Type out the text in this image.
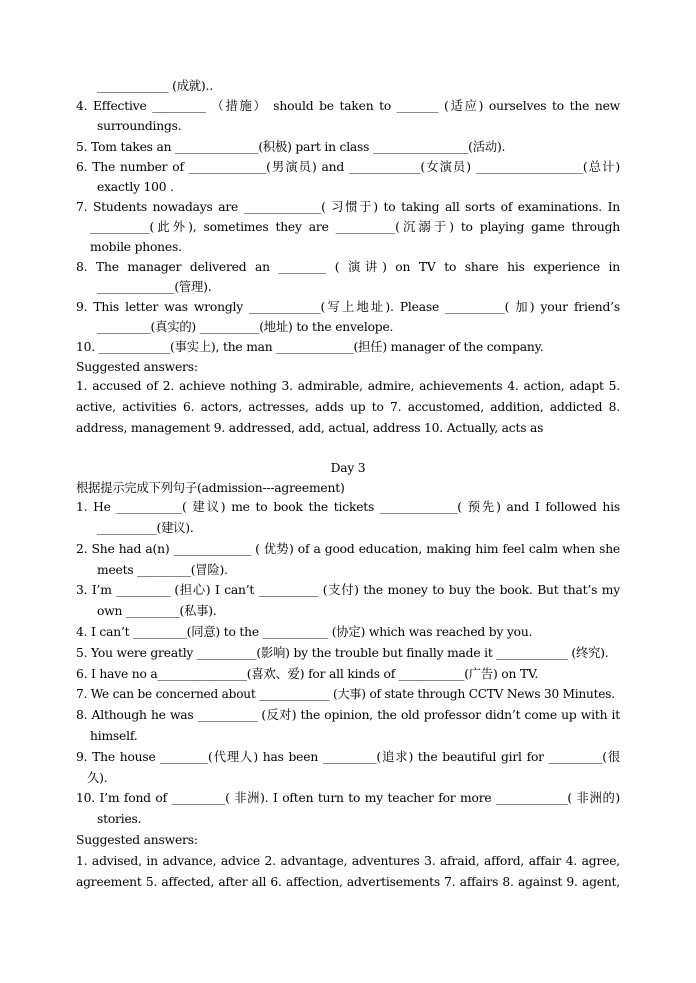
____________ (成就)..
4. Effective _________ （措施） should be taken to _______ (适应) ourselves to the new
surroundings.
5. Tom takes an ______________(积极) part in class ________________(活动).
6. The number of _____________(男演员) and ____________(女演员) __________________(总计)
exactly 100 .
7. Students nowadays are _____________( 习惯于) to taking all sorts of examinations. In
__________(此外), sometimes they are __________(沉溺于) to playing game through
mobile phones.
8. The manager delivered an ________ ( 演讲) on TV to share his experience in
_____________(管理).
9. This letter was wrongly ____________(写上地址). Please __________( 加) your friend’s
_________(真实的) __________(地址) to the envelope.
10. ____________(事实上), the man _____________(担任) manager of the company.
Suggested answers:
1. accused of 2. achieve nothing 3. admirable, admire, achievements 4. action, adapt 5.
active, activities 6. actors, actresses, adds up to 7. accustomed, addition, addicted 8.
address, management 9. addressed, add, actual, address 10. Actually, acts as
Day 3
根据提示完成下列句子(admission---agreement)
1. He ___________( 建议) me to book the tickets _____________( 预先) and I followed his
__________(建议).
2. She had a(n) _____________ ( 优势) of a good education, making him feel calm when she
meets _________(冒险).
3. I’m _________ (担心) I can’t __________ (支付) the money to buy the book. But that’s my
own _________(私事).
4. I can’t _________(同意) to the ___________ (协定) which was reached by you.
5. You were greatly __________(影响) by the trouble but finally made it ____________ (终究).
6. I have no a_______________(喜欢、爱) for all kinds of ___________(广告) on TV.
7. We can be concerned about ____________ (大事) of state through CCTV News 30 Minutes.
8. Although he was __________ (反对) the opinion, the old professor didn’t come up with it
himself.
9. The house ________(代理人) has been _________(追求) the beautiful girl for _________(很
久).
10. I’m fond of _________( 非洲). I often turn to my teacher for more ____________( 非洲的)
stories.
Suggested answers:
1. advised, in advance, advice 2. advantage, adventures 3. afraid, afford, affair 4. agree,
agreement 5. affected, after all 6. affection, advertisements 7. affairs 8. against 9. agent,
